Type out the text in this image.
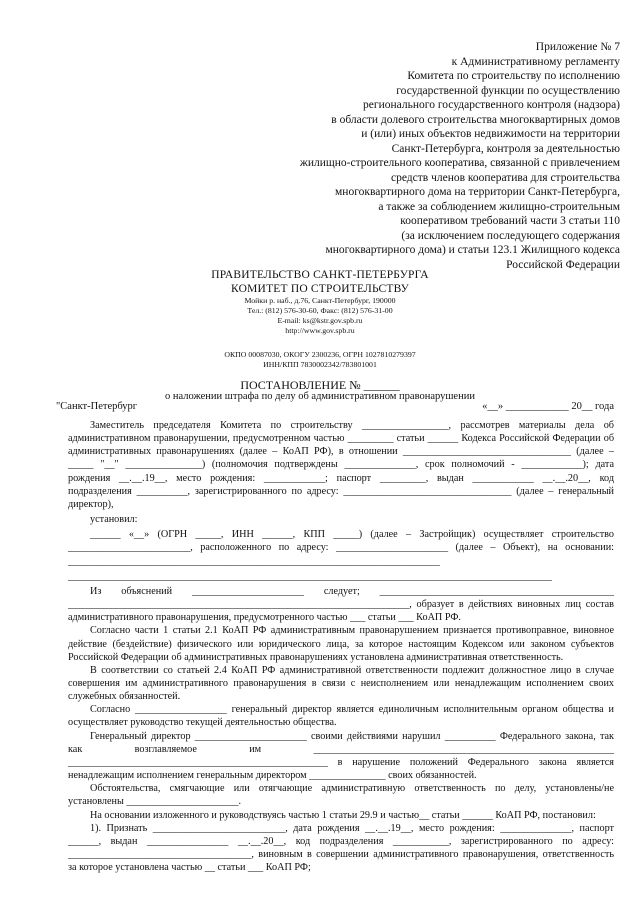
Приложение № 7
к Административному регламенту
Комитета по строительству по исполнению
государственной функции по осуществлению
регионального государственного контроля (надзора)
в области долевого строительства многоквартирных домов
и (или) иных объектов недвижимости на территории
Санкт-Петербурга, контроля за деятельностью
жилищно-строительного кооператива, связанной с привлечением
средств членов кооператива для строительства
многоквартирного дома на территории Санкт-Петербурга,
а также за соблюдением жилищно-строительным
кооперативом требований части 3 статьи 110
(за исключением последующего содержания
многоквартирного дома) и статьи 123.1 Жилищного кодекса
Российской Федерации
ПРАВИТЕЛЬСТВО САНКТ-ПЕТЕРБУРГА
КОМИТЕТ ПО СТРОИТЕЛЬСТВУ
Мойки р. наб., д.76, Санкт-Петербург, 190000
Тел.: (812) 576-30-60, Факс: (812) 576-31-00
E-mail: ks@kstr.gov.spb.ru
http://www.gov.spb.ru
ОКПО 00087030, ОКОГУ 2300236, ОГРН 1027810279397
ИНН/КПП 7830002342/783801001
ПОСТАНОВЛЕНИЕ № ______
о наложении штрафа по делу об административном правонарушении
"Санкт-Петербург	«__» ____________ 20__ года

Заместитель председателя Комитета по строительству _________________, рассмотрев материалы дела об административном правонарушении, предусмотренном частью _________ статьи ______ Кодекса Российской Федерации об административных правонарушениях (далее – КоАП РФ), в отношении _________________________________ (далее – _____ "__" _______________) (полномочия подтверждены ______________, срок полномочий - ____________); дата рождения __.__.19__, место рождения: ____________; паспорт _________, выдан ____________ __.__.20__, код подразделения __________, зарегистрированного по адресу: _________________________________ (далее – генеральный директор),

установил:

______ «__» (ОГРН _____, ИНН ______, КПП _____) (далее – Застройщик) осуществляет строительство ________________________, расположенного по адресу: ______________________ (далее – Объект), на основании: _________________________________________________________________________

_______________________________________________________________________________________________

Из объяснений ______________________ следует; ______________________________________________ ___________________________________________________________________, образует в действиях виновных лиц состав административного правонарушения, предусмотренного частью ___ статьи ___ КоАП РФ.

Согласно части 1 статьи 2.1 КоАП РФ административным правонарушением признается противоправное, виновное действие (бездействие) физического или юридического лица, за которое настоящим Кодексом или законом субъектов Российской Федерации об административных правонарушениях установлена административная ответственность.

В соответствии со статьей 2.4 КоАП РФ административной ответственности подлежит должностное лицо в случае совершения им административного правонарушения в связи с неисполнением или ненадлежащим исполнением своих служебных обязанностей.

Согласно __________________ генеральный директор является единоличным исполнительным органом общества и осуществляет руководство текущей деятельностью общества.

Генеральный директор ______________________ своими действиями нарушил __________ Федерального закона, так как возглавляемое им ___________________________________________________________ ___________________________________________________ в нарушение положений Федерального закона является ненадлежащим исполнением генеральным директором _______________ своих обязанностей.

Обстоятельства, смягчающие или отягчающие административную ответственность по делу, установлены/не установлены ______________________.

На основании изложенного и руководствуясь частью 1 статьи 29.9 и частью__ статьи ______ КоАП РФ, постановил:

1). Признать __________________________, дата рождения __.__.19__, место рождения: ______________, паспорт ______, выдан ________________ __.__.20__, код подразделения ___________, зарегистрированного по адресу: ____________________________________, виновным в совершении административного правонарушения, ответственность за которое установлена частью __ статьи ___ КоАП РФ;
